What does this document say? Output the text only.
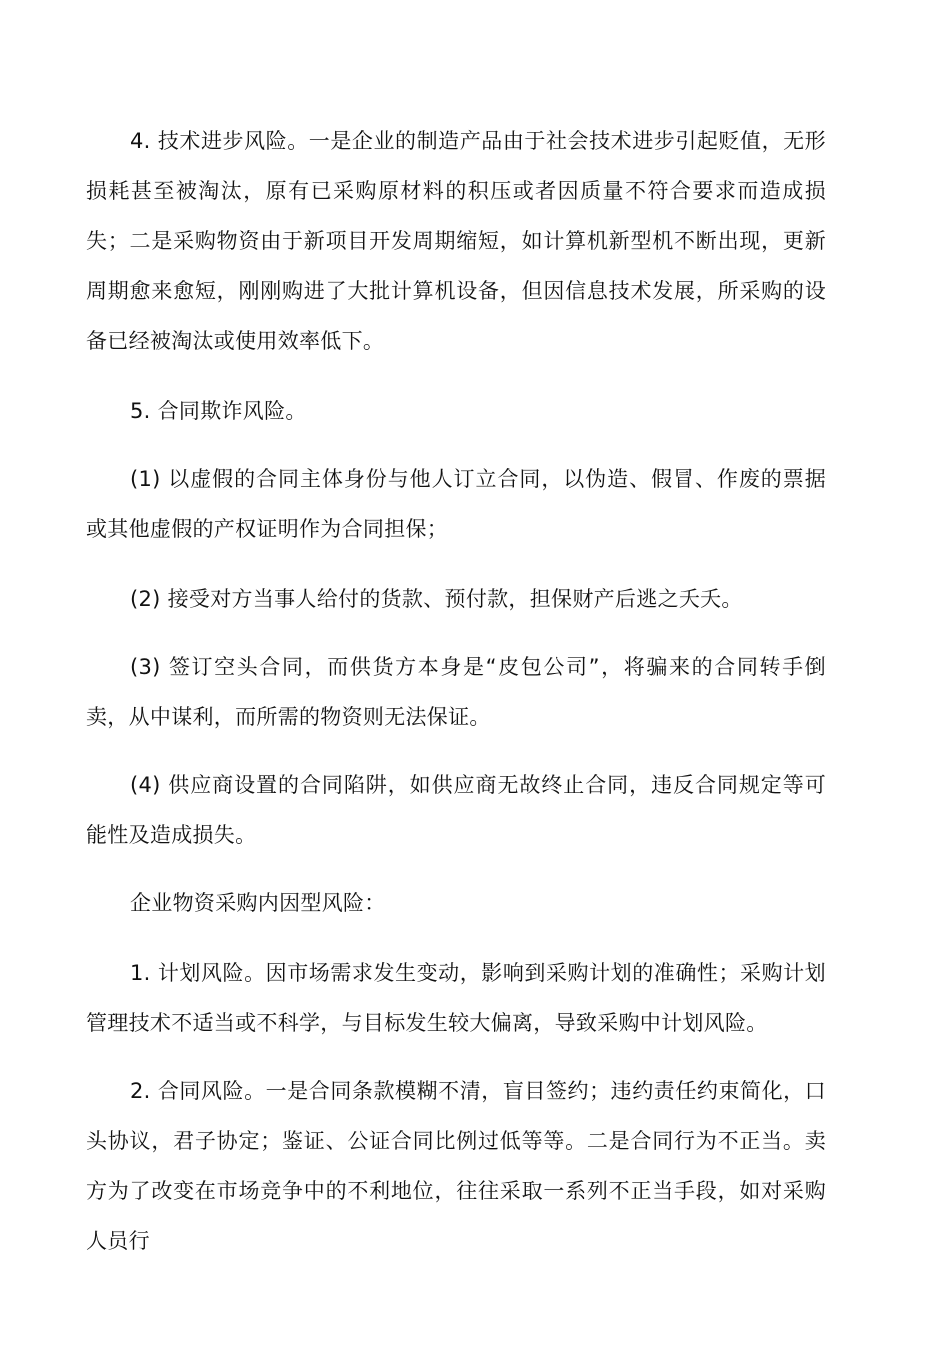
4. 技术进步风险。一是企业的制造产品由于社会技术进步引起贬值，无形损耗甚至被淘汰，原有已采购原材料的积压或者因质量不符合要求而造成损失；二是采购物资由于新项目开发周期缩短，如计算机新型机不断出现，更新周期愈来愈短，刚刚购进了大批计算机设备，但因信息技术发展，所采购的设备已经被淘汰或使用效率低下。

5. 合同欺诈风险。

(1) 以虚假的合同主体身份与他人订立合同，以伪造、假冒、作废的票据或其他虚假的产权证明作为合同担保；

(2) 接受对方当事人给付的货款、预付款，担保财产后逃之夭夭。

(3) 签订空头合同，而供货方本身是“皮包公司”，将骗来的合同转手倒卖，从中谋利，而所需的物资则无法保证。

(4) 供应商设置的合同陷阱，如供应商无故终止合同，违反合同规定等可能性及造成损失。

企业物资采购内因型风险：

1. 计划风险。因市场需求发生变动，影响到采购计划的准确性；采购计划管理技术不适当或不科学，与目标发生较大偏离，导致采购中计划风险。

2. 合同风险。一是合同条款模糊不清，盲目签约；违约责任约束简化，口头协议，君子协定；鉴证、公证合同比例过低等等。二是合同行为不正当。卖方为了改变在市场竞争中的不利地位，往往采取一系列不正当手段，如对采购人员行
